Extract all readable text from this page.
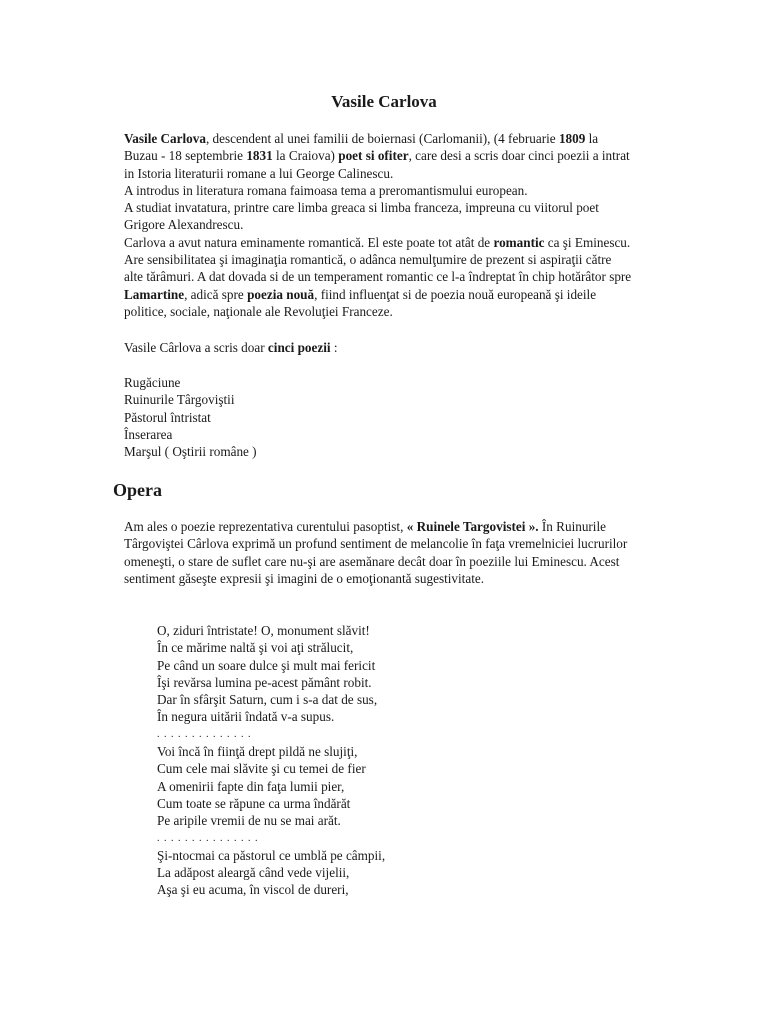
Vasile Carlova
Vasile Carlova, descendent al unei familii de boiernasi (Carlomanii), (4 februarie 1809 la Buzau - 18 septembrie 1831 la Craiova) poet si ofiter, care desi a scris doar cinci poezii a intrat in Istoria literaturii romane a lui George Calinescu.
A introdus in literatura romana faimoasa tema a preromantismului european.
A studiat invatatura, printre care limba greaca si limba franceza, impreuna cu viitorul poet Grigore Alexandrescu.
Carlova a avut natura eminamente romantică. El este poate tot atât de romantic ca şi Eminescu. Are sensibilitatea şi imaginaţia romantică, o adânca nemulţumire de prezent si aspiraţii către alte tărâmuri. A dat dovada si de un temperament romantic ce l-a îndreptat în chip hotărâtor spre Lamartine, adică spre poezia nouă, fiind influenţat si de poezia nouă europeană şi ideile politice, sociale, naţionale ale Revoluţiei Franceze.
Vasile Cârlova a scris doar cinci poezii :
Rugăciune
Ruinurile Târgoviştii
Păstorul întristat
Înserarea
Marşul ( Oştirii române )
Opera
Am ales o poezie reprezentativa curentului pasoptist, « Ruinele Targovistei ». În Ruinurile Târgoviştei Cârlova exprimă un profund sentiment de melancolie în faţa vremelniciei lucrurilor omeneşti, o stare de suflet care nu-şi are asemănare decât doar în poeziile lui Eminescu. Acest sentiment găseşte expresii şi imagini de o emoţionantă sugestivitate.
O, ziduri întristate! O, monument slăvit!
În ce mărime naltă şi voi aţi strălucit,
Pe când un soare dulce şi mult mai fericit
Îşi revărsa lumina pe-acest pământ robit.
Dar în sfârşit Saturn, cum i s-a dat de sus,
În negura uitării îndată v-a supus.
. . . . . . . . . . . . . .
Voi încă în fiinţă drept pildă ne slujiţi,
Cum cele mai slăvite şi cu temei de fier
A omenirii fapte din faţa lumii pier,
Cum toate se răpune ca urma îndărăt
Pe aripile vremii de nu se mai arăt.
. . . . . . . . . . . . . . .
Şi-ntocmai ca păstorul ce umblă pe câmpii,
La adăpost aleargă când vede vijelii,
Aşa şi eu acuma, în viscol de dureri,
